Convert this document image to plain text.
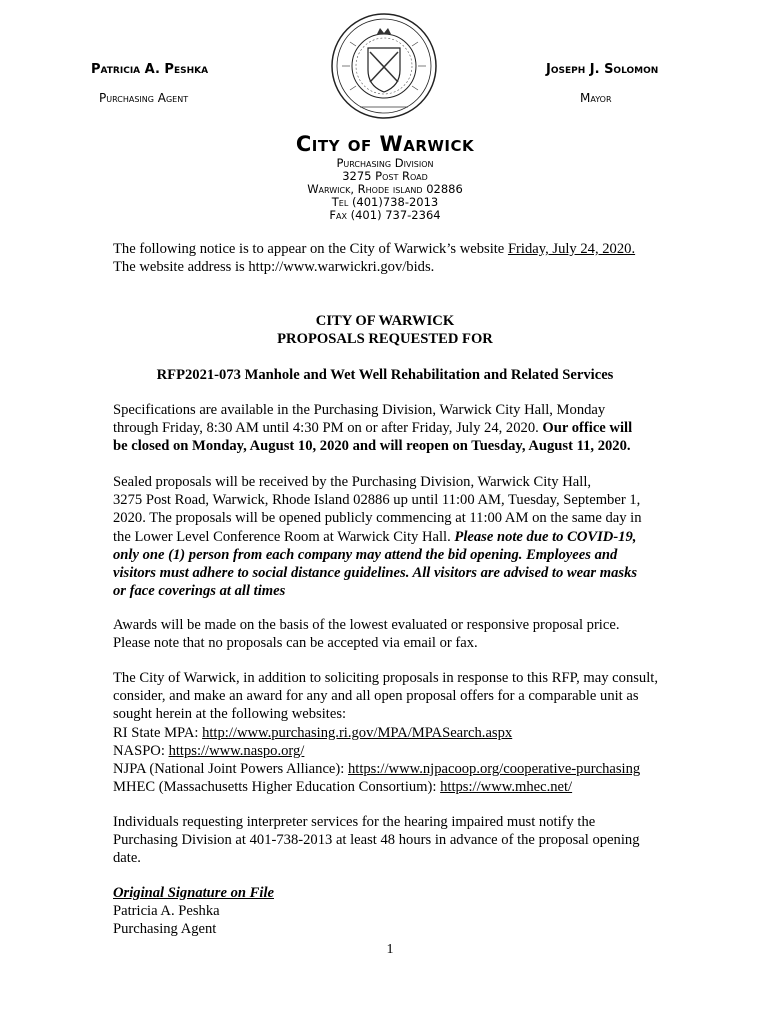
Patricia A. Peshka
Purchasing Agent
Joseph J. Solomon
Mayor
City of Warwick
Purchasing Division
3275 Post Road
Warwick, Rhode island 02886
Tel (401)738-2013
Fax (401) 737-2364
The following notice is to appear on the City of Warwick’s website Friday, July 24, 2020.
The website address is http://www.warwickri.gov/bids.
CITY OF WARWICK
PROPOSALS REQUESTED FOR
RFP2021-073 Manhole and Wet Well Rehabilitation and Related Services
Specifications are available in the Purchasing Division, Warwick City Hall, Monday
through Friday, 8:30 AM until 4:30 PM on or after Friday, July 24, 2020. Our office will
be closed on Monday, August 10, 2020 and will reopen on Tuesday, August 11, 2020.
Sealed proposals will be received by the Purchasing Division, Warwick City Hall,
3275 Post Road, Warwick, Rhode Island 02886 up until 11:00 AM, Tuesday, September 1,
2020. The proposals will be opened publicly commencing at 11:00 AM on the same day in
the Lower Level Conference Room at Warwick City Hall. Please note due to COVID-19,
only one (1) person from each company may attend the bid opening. Employees and
visitors must adhere to social distance guidelines. All visitors are advised to wear masks
or face coverings at all times
Awards will be made on the basis of the lowest evaluated or responsive proposal price.
Please note that no proposals can be accepted via email or fax.
The City of Warwick, in addition to soliciting proposals in response to this RFP, may consult,
consider, and make an award for any and all open proposal offers for a comparable unit as
sought herein at the following websites:
RI State MPA: http://www.purchasing.ri.gov/MPA/MPASearch.aspx
NASPO: https://www.naspo.org/
NJPA (National Joint Powers Alliance): https://www.njpacoop.org/cooperative-purchasing
MHEC (Massachusetts Higher Education Consortium): https://www.mhec.net/
Individuals requesting interpreter services for the hearing impaired must notify the
Purchasing Division at 401-738-2013 at least 48 hours in advance of the proposal opening
date.
Original Signature on File
Patricia A. Peshka
Purchasing Agent
1
